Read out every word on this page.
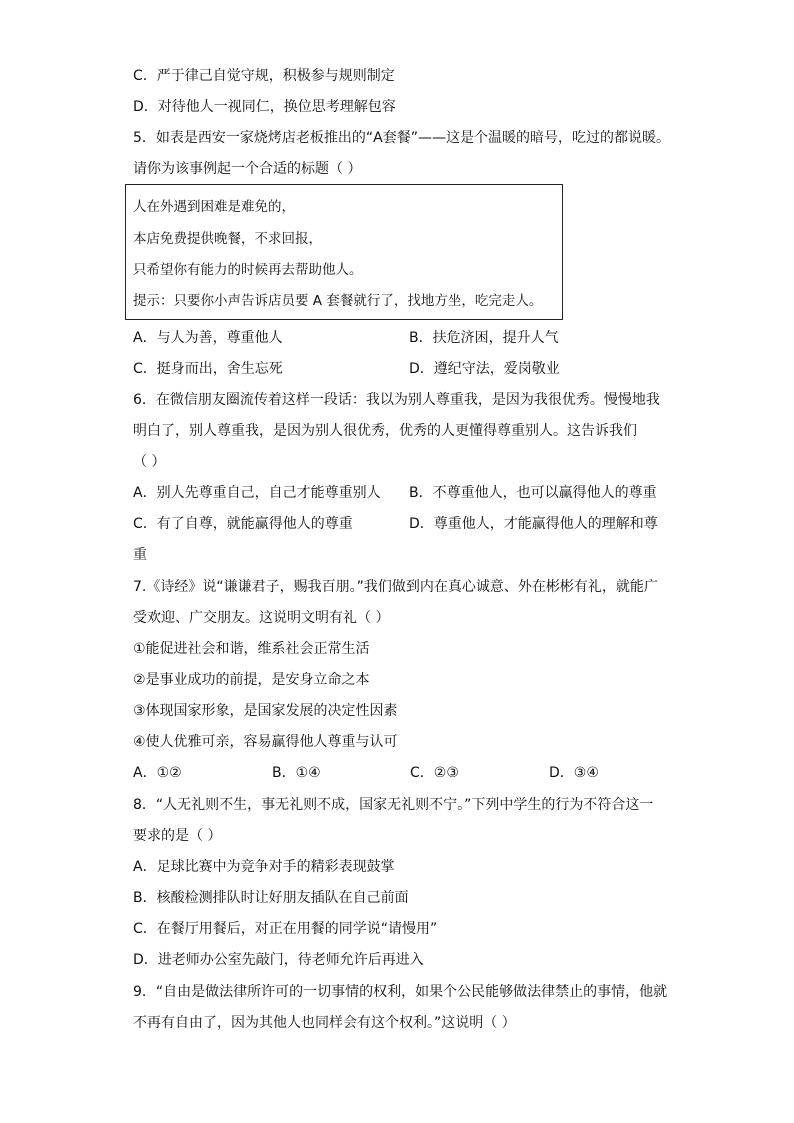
C．严于律己自觉守规，积极参与规则制定
D．对待他人一视同仁，换位思考理解包容
5．如表是西安一家烧烤店老板推出的“A套餐”——这是个温暖的暗号，吃过的都说暖。
请你为该事例起一个合适的标题（ ）
人在外遇到困难是难免的，
本店免费提供晚餐，不求回报，
只希望你有能力的时候再去帮助他人。
提示：只要你小声告诉店员要 A 套餐就行了，找地方坐，吃完走人。
A．与人为善，尊重他人	B．扶危济困，提升人气
C．挺身而出，舍生忘死	D．遵纪守法，爱岗敬业
6．在微信朋友圈流传着这样一段话：我以为别人尊重我，是因为我很优秀。慢慢地我
明白了，别人尊重我，是因为别人很优秀，优秀的人更懂得尊重别人。这告诉我们
（ ）
A．别人先尊重自己，自己才能尊重别人 B．不尊重他人，也可以赢得他人的尊重
C．有了自尊，就能赢得他人的尊重	D．尊重他人，才能赢得他人的理解和尊
重
7.《诗经》说“谦谦君子，赐我百朋。”我们做到内在真心诚意、外在彬彬有礼，就能广
受欢迎、广交朋友。这说明文明有礼（ ）
①能促进社会和谐，维系社会正常生活
②是事业成功的前提，是安身立命之本
③体现国家形象，是国家发展的决定性因素
④使人优雅可亲，容易赢得他人尊重与认可
A．①②	B．①④	C．②③	D．③④
8．“人无礼则不生，事无礼则不成，国家无礼则不宁。”下列中学生的行为不符合这一
要求的是（ ）
A．足球比赛中为竞争对手的精彩表现鼓掌
B．核酸检测排队时让好朋友插队在自己前面
C．在餐厅用餐后，对正在用餐的同学说“请慢用”
D．进老师办公室先敲门，待老师允许后再进入
9．“自由是做法律所许可的一切事情的权利，如果个公民能够做法律禁止的事情，他就
不再有自由了，因为其他人也同样会有这个权利。”这说明（ ）
